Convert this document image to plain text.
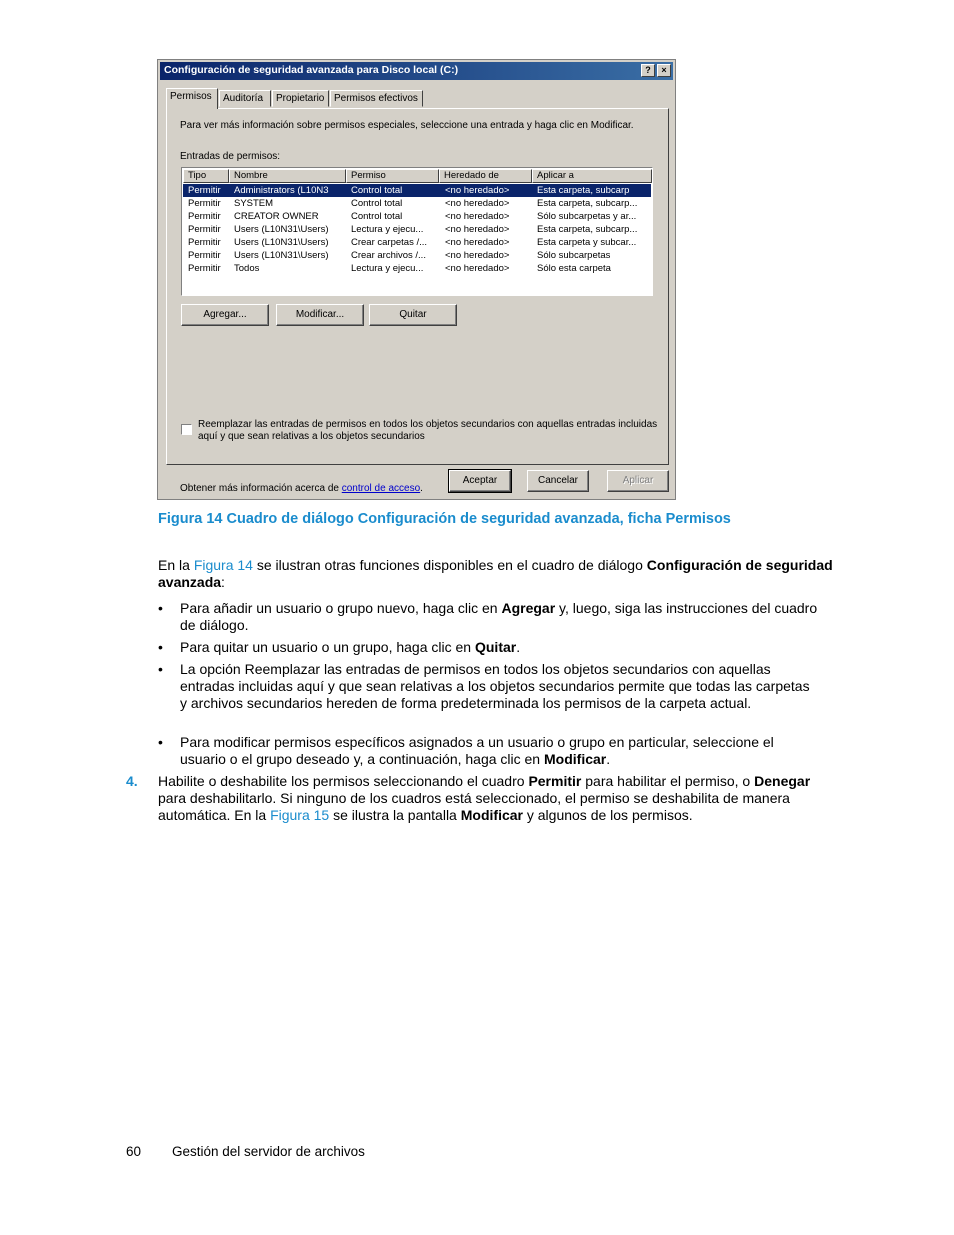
Configuración de seguridad avanzada para Disco local (C:)	?	×
Permisos	Auditoría	Propietario Permisos efectivos
Para ver más información sobre permisos especiales, seleccione una entrada y haga clic en Modificar.
Entradas de permisos:
Tipo	Nombre	Permiso	Heredado de	Aplicar a
Permitir	Administrators (L10N3	Control total	<no heredado>	Esta carpeta, subcarp
Permitir	SYSTEM	Control total	<no heredado>	Esta carpeta, subcarp...
Permitir	CREATOR OWNER	Control total	<no heredado>	Sólo subcarpetas y ar...
Permitir	Users (L10N31\Users)	Lectura y ejecu...	<no heredado>	Esta carpeta, subcarp...
Permitir	Users (L10N31\Users)	Crear carpetas /...	<no heredado>	Esta carpeta y subcar...
Permitir	Users (L10N31\Users)	Crear archivos /...	<no heredado>	Sólo subcarpetas
Permitir	Todos	Lectura y ejecu...	<no heredado>	Sólo esta carpeta
Agregar...	Modificar...	Quitar
Reemplazar las entradas de permisos en todos los objetos secundarios con aquellas entradas incluidas
aquí y que sean relativas a los objetos secundarios
Obtener más información acerca de control de acceso.
Aceptar	Cancelar	Aplicar
Figura 14 Cuadro de diálogo Configuración de seguridad avanzada, ficha Permisos
En la Figura 14 se ilustran otras funciones disponibles en el cuadro de diálogo Configuración de seguridad avanzada:
• Para añadir un usuario o grupo nuevo, haga clic en Agregar y, luego, siga las instrucciones del cuadro de diálogo.
• Para quitar un usuario o un grupo, haga clic en Quitar.
• La opción Reemplazar las entradas de permisos en todos los objetos secundarios con aquellas entradas incluidas aquí y que sean relativas a los objetos secundarios permite que todas las carpetas y archivos secundarios hereden de forma predeterminada los permisos de la carpeta actual.
• Para modificar permisos específicos asignados a un usuario o grupo en particular, seleccione el usuario o el grupo deseado y, a continuación, haga clic en Modificar.
4. Habilite o deshabilite los permisos seleccionando el cuadro Permitir para habilitar el permiso, o Denegar para deshabilitarlo. Si ninguno de los cuadros está seleccionado, el permiso se deshabilita de manera automática. En la Figura 15 se ilustra la pantalla Modificar y algunos de los permisos.
60 Gestión del servidor de archivos
